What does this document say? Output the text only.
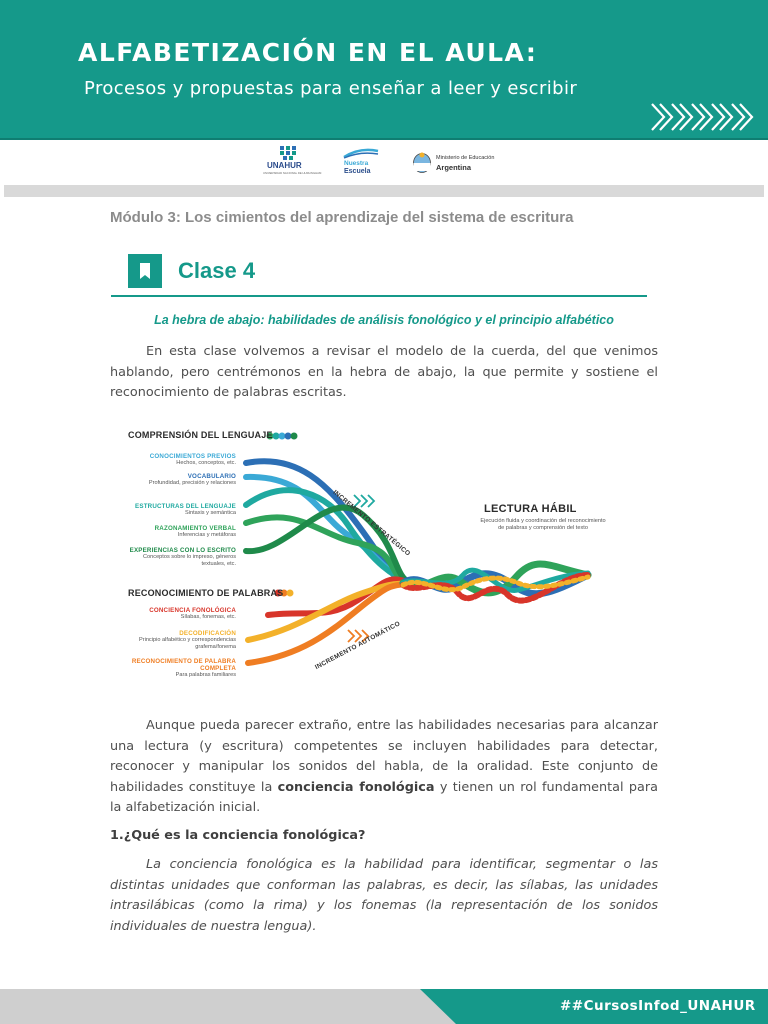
ALFABETIZACIÓN EN EL AULA:
Procesos y propuestas para enseñar a leer y escribir
UNAHUR
UNIVERSIDAD NACIONAL DE HURLINGHAM
Nuestra
Escuela
Ministerio de Educación
Argentina
Módulo 3: Los cimientos del aprendizaje del sistema de escritura
Clase 4
La hebra de abajo: habilidades de análisis fonológico y el principio alfabético
En esta clase volvemos a revisar el modelo de la cuerda, del que venimos hablando, pero centrémonos en la hebra de abajo, la que permite y sostiene el reconocimiento de palabras escritas.
COMPRENSIÓN DEL LENGUAJE
CONOCIMIENTOS PREVIOS
Hechos, conceptos, etc.
VOCABULARIO
Profundidad, precisión y relaciones
ESTRUCTURAS DEL LENGUAJE
Sintaxis y semántica
RAZONAMIENTO VERBAL
Inferencias y metáforas
EXPERIENCIAS CON LO ESCRITO
Conceptos sobre lo impreso, géneros textuales, etc.
RECONOCIMIENTO DE PALABRAS
CONCIENCIA FONOLÓGICA
Sílabas, fonemas, etc.
DECODIFICACIÓN
Principio alfabético y correspondencias grafema/fonema
RECONOCIMIENTO DE PALABRA COMPLETA
Para palabras familiares
INCREMENTO ESTRATÉGICO
INCREMENTO AUTOMÁTICO
LECTURA HÁBIL
Ejecución fluida y coordinación del reconocimiento de palabras y comprensión del texto
Aunque pueda parecer extraño, entre las habilidades necesarias para alcanzar una lectura (y escritura) competentes se incluyen habilidades para detectar, reconocer y manipular los sonidos del habla, de la oralidad. Este conjunto de habilidades constituye la conciencia fonológica y tienen un rol fundamental para la alfabetización inicial.
1.¿Qué es la conciencia fonológica?
La conciencia fonológica es la habilidad para identificar, segmentar o las distintas unidades que conforman las palabras, es decir, las sílabas, las unidades intrasilábicas (como la rima) y los fonemas (la representación de los sonidos individuales de nuestra lengua).
##CursosInfod_UNAHUR
